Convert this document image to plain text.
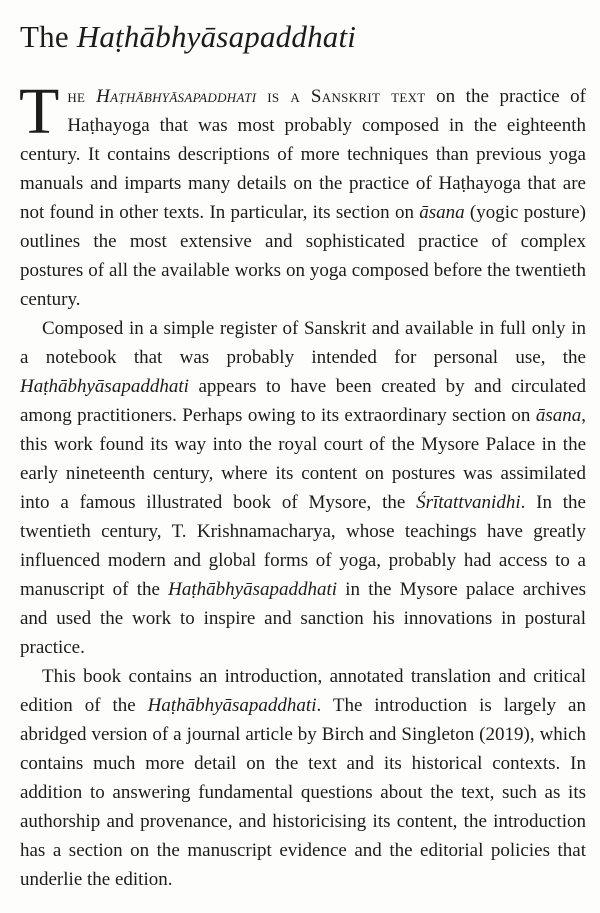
The Haṭhābhyāsapaddhati

The Haṭhābhyāsapaddhati is a Sanskrit text on the practice of Haṭhayoga that was most probably composed in the eighteenth century. It contains descriptions of more techniques than previous yoga manuals and imparts many details on the practice of Haṭhayoga that are not found in other texts. In particular, its section on āsana (yogic posture) outlines the most extensive and sophisticated practice of complex postures of all the available works on yoga composed before the twentieth century.

Composed in a simple register of Sanskrit and available in full only in a notebook that was probably intended for personal use, the Haṭhābhyāsapaddhati appears to have been created by and circulated among practitioners. Perhaps owing to its extraordinary section on āsana, this work found its way into the royal court of the Mysore Palace in the early nineteenth century, where its content on postures was assimilated into a famous illustrated book of Mysore, the Śrītattvanidhi. In the twentieth century, T. Krishnamacharya, whose teachings have greatly influenced modern and global forms of yoga, probably had access to a manuscript of the Haṭhābhyāsapaddhati in the Mysore palace archives and used the work to inspire and sanction his innovations in postural practice.

This book contains an introduction, annotated translation and critical edition of the Haṭhābhyāsapaddhati. The introduction is largely an abridged version of a journal article by Birch and Singleton (2019), which contains much more detail on the text and its historical contexts. In addition to answering fundamental questions about the text, such as its authorship and provenance, and historicising its content, the introduction has a section on the manuscript evidence and the editorial policies that underlie the edition.
